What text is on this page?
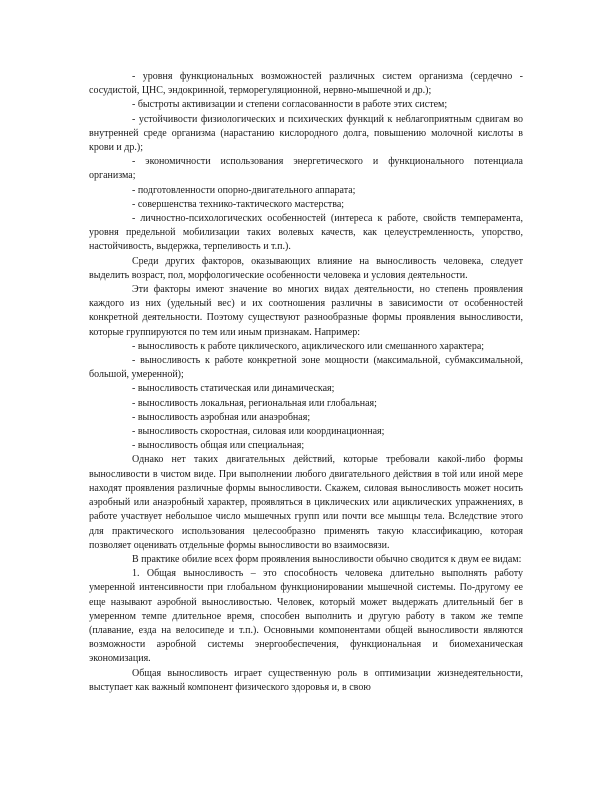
- уровня функциональных возможностей различных систем организма (сердечно - сосудистой, ЦНС, эндокринной, терморегуляционной, нервно-мышечной и др.);

- быстроты активизации и степени согласованности в работе этих систем;

- устойчивости физиологических и психических функций к неблагоприятным сдвигам во внутренней среде организма (нарастанию кислородного долга, повышению молочной кислоты в крови и др.);

- экономичности использования энергетического и функционального потенциала организма;

- подготовленности опорно-двигательного аппарата;

- совершенства технико-тактического мастерства;

- личностно-психологических особенностей (интереса к работе, свойств темперамента, уровня предельной мобилизации таких волевых качеств, как целеустремленность, упорство, настойчивость, выдержка, терпеливость и т.п.).

Среди других факторов, оказывающих влияние на выносливость человека, следует выделить возраст, пол, морфологические особенности человека и условия деятельности.

Эти факторы имеют значение во многих видах деятельности, но степень проявления каждого из них (удельный вес) и их соотношения различны в зависимости от особенностей конкретной деятельности. Поэтому существуют разнообразные формы проявления выносливости, которые группируются по тем или иным признакам. Например:

- выносливость к работе циклического, ациклического или смешанного характера;

- выносливость к работе конкретной зоне мощности (максимальной, субмаксимальной, большой, умеренной);

- выносливость статическая или динамическая;

- выносливость локальная, региональная или глобальная;

- выносливость аэробная или анаэробная;

- выносливость скоростная, силовая или координационная;

- выносливость общая или специальная;

Однако нет таких двигательных действий, которые требовали какой-либо формы выносливости в чистом виде. При выполнении любого двигательного действия в той или иной мере находят проявления различные формы выносливости. Скажем, силовая выносливость может носить аэробный или анаэробный характер, проявляться в циклических или ациклических упражнениях, в работе участвует небольшое число мышечных групп или почти все мышцы тела. Вследствие этого для практического использования целесообразно применять такую классификацию, которая позволяет оценивать отдельные формы выносливости во взаимосвязи.

В практике обилие всех форм проявления выносливости обычно сводится к двум ее видам:

1. Общая выносливость – это способность человека длительно выполнять работу умеренной интенсивности при глобальном функционировании мышечной системы. По-другому ее еще называют аэробной выносливостью. Человек, который может выдержать длительный бег в умеренном темпе длительное время, способен выполнить и другую работу в таком же темпе (плавание, езда на велосипеде и т.п.). Основными компонентами общей выносливости являются возможности аэробной системы энергообеспечения, функциональная и биомеханическая экономизация.

Общая выносливость играет существенную роль в оптимизации жизнедеятельности, выступает как важный компонент физического здоровья и, в свою
